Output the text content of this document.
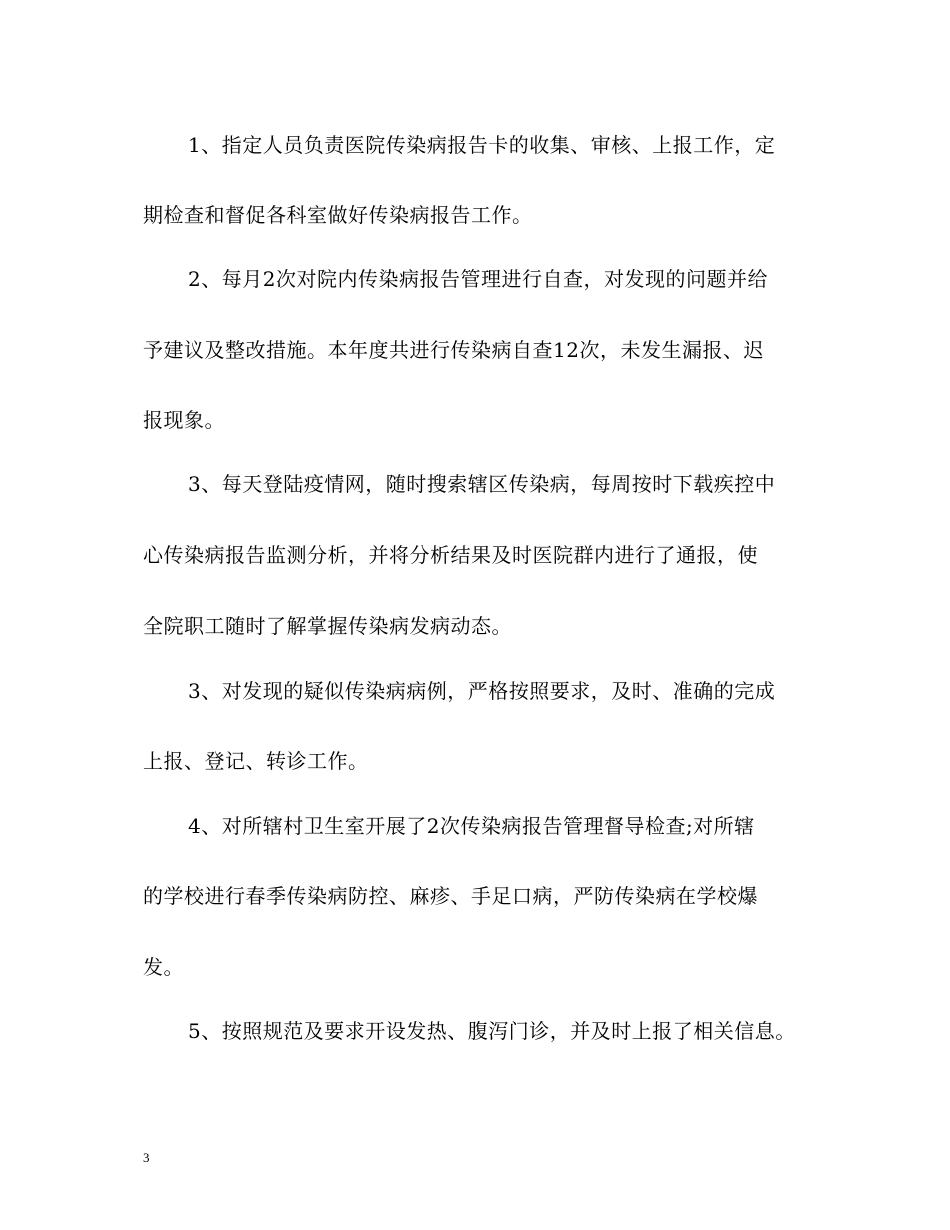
1、指定人员负责医院传染病报告卡的收集、审核、上报工作，定
期检查和督促各科室做好传染病报告工作。
2、每月2次对院内传染病报告管理进行自查，对发现的问题并给
予建议及整改措施。本年度共进行传染病自查12次，未发生漏报、迟
报现象。
3、每天登陆疫情网，随时搜索辖区传染病，每周按时下载疾控中
心传染病报告监测分析，并将分析结果及时医院群内进行了通报，使
全院职工随时了解掌握传染病发病动态。
3、对发现的疑似传染病病例，严格按照要求，及时、准确的完成
上报、登记、转诊工作。
4、对所辖村卫生室开展了2次传染病报告管理督导检查;对所辖
的学校进行春季传染病防控、麻疹、手足口病，严防传染病在学校爆
发。
5、按照规范及要求开设发热、腹泻门诊，并及时上报了相关信息。
3
